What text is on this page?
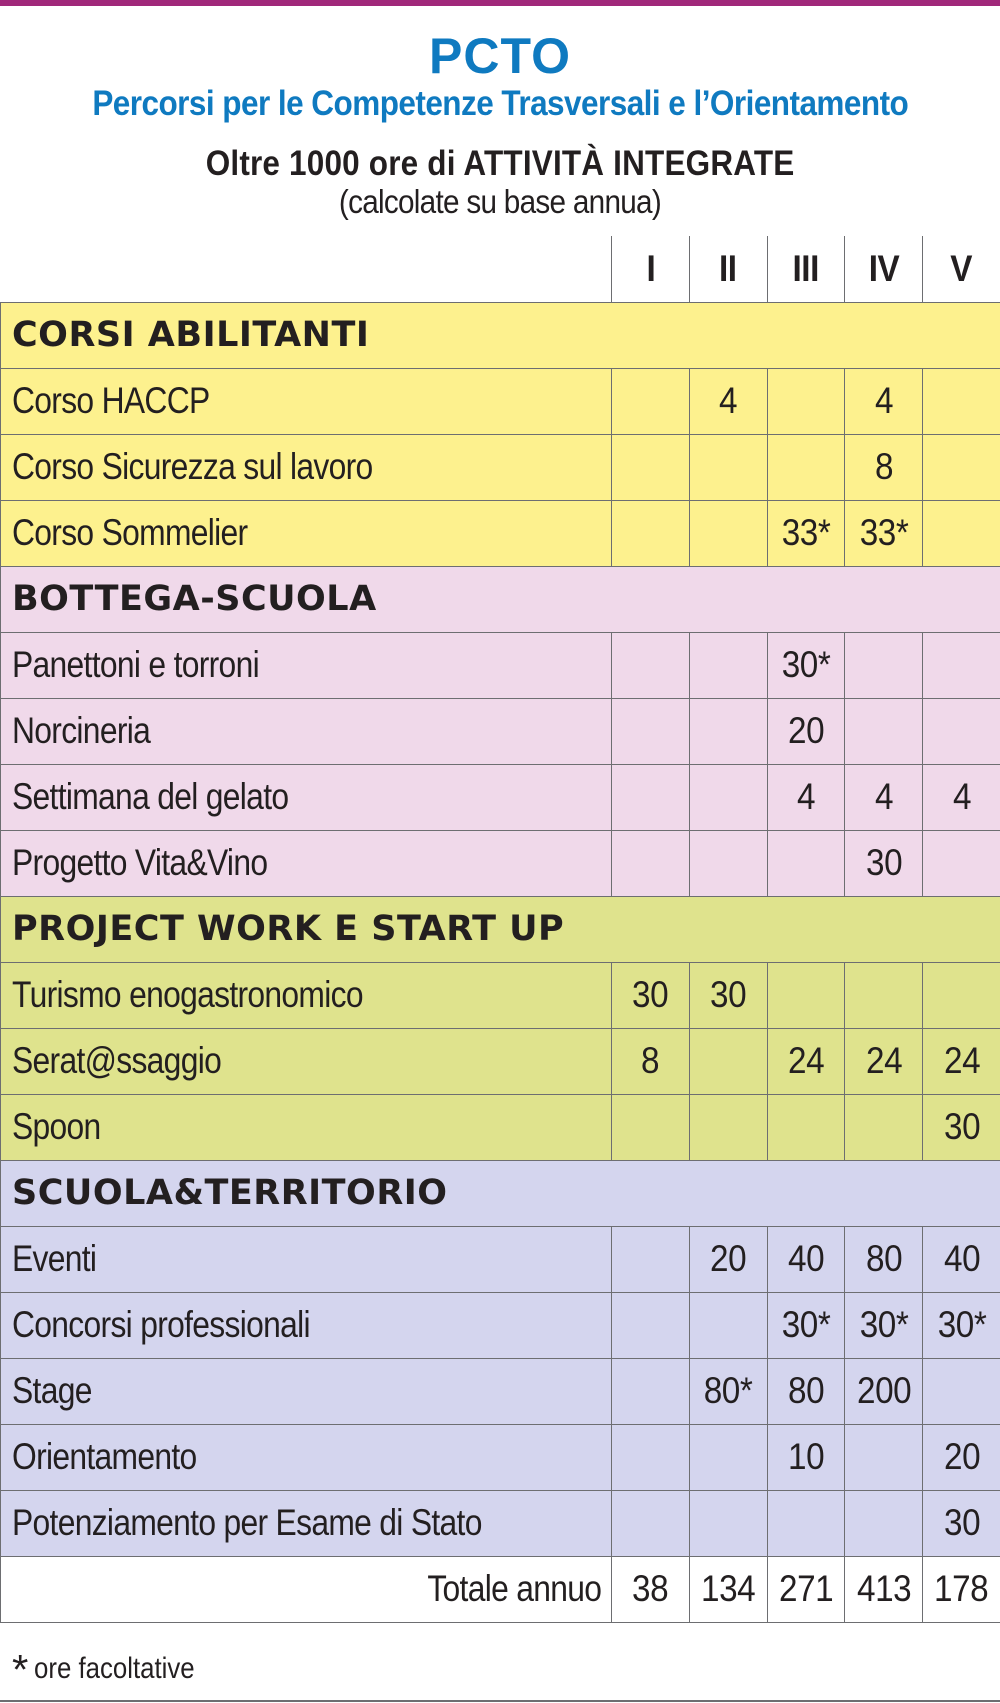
PCTO
Percorsi per le Competenze Trasversali e l’Orientamento
Oltre 1000 ore di ATTIVITÀ INTEGRATE
(calcolate su base annua)
	I	II	III	IV	V
CORSI ABILITANTI					
Corso HACCP		4		4	
Corso Sicurezza sul lavoro				8	
Corso Sommelier			33*	33*	
BOTTEGA-SCUOLA					
Panettoni e torroni			30*		
Norcineria			20		
Settimana del gelato			4	4	4
Progetto Vita&Vino				30	
PROJECT WORK E START UP					
Turismo enogastronomico	30	30			
Serat@ssaggio	8		24	24	24
Spoon					30
SCUOLA&TERRITORIO					
Eventi		20	40	80	40
Concorsi professionali			30*	30*	30*
Stage		80*	80	200	
Orientamento			10		20
Potenziamento per Esame di Stato					30
Totale annuo	38	134	271	413	178
* ore facoltative
